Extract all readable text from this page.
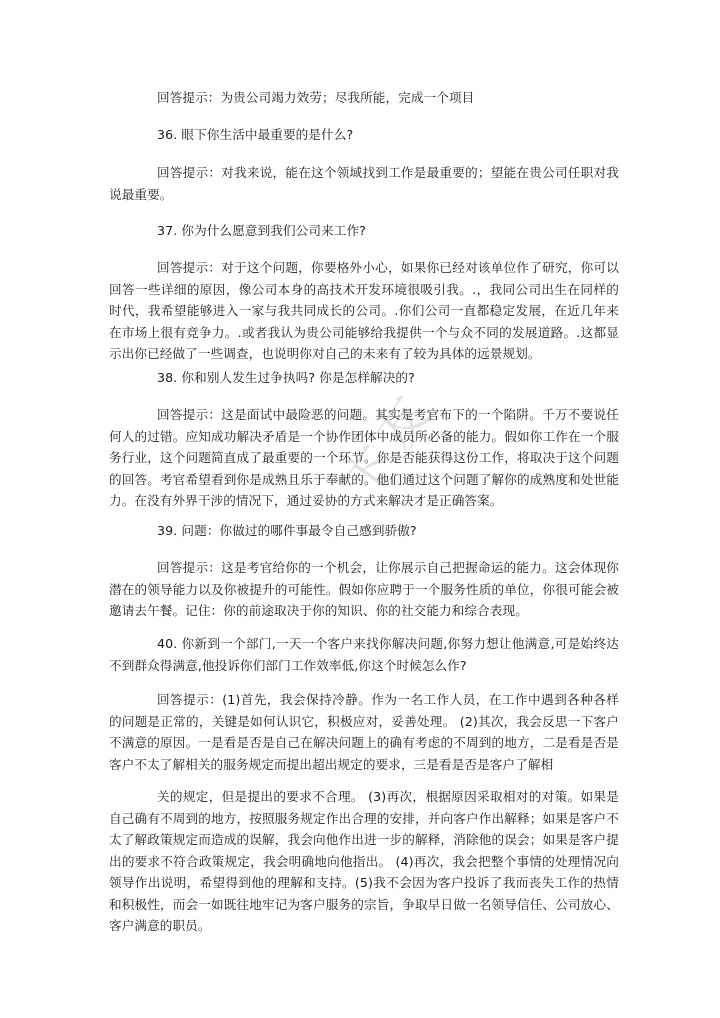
卞友

回答提示：为贵公司竭力效劳；尽我所能，完成一个项目

36. 眼下你生活中最重要的是什么?

回答提示：对我来说，能在这个领域找到工作是最重要的；望能在贵公司任职对我说最重要。

37. 你为什么愿意到我们公司来工作?

回答提示：对于这个问题，你要格外小心，如果你已经对该单位作了研究，你可以回答一些详细的原因，像公司本身的高技术开发环境很吸引我。.，我同公司出生在同样的时代，我希望能够进入一家与我共同成长的公司。.你们公司一直都稳定发展，在近几年来在市场上很有竞争力。.或者我认为贵公司能够给我提供一个与众不同的发展道路。.这都显示出你已经做了一些调查，也说明你对自己的未来有了较为具体的远景规划。

38. 你和别人发生过争执吗? 你是怎样解决的?

回答提示：这是面试中最险恶的问题。其实是考官布下的一个陷阱。千万不要说任何人的过错。应知成功解决矛盾是一个协作团体中成员所必备的能力。假如你工作在一个服务行业，这个问题简直成了最重要的一个环节。你是否能获得这份工作，将取决于这个问题的回答。考官希望看到你是成熟且乐于奉献的。他们通过这个问题了解你的成熟度和处世能力。在没有外界干涉的情况下，通过妥协的方式来解决才是正确答案。

39. 问题：你做过的哪件事最令自己感到骄傲?

回答提示：这是考官给你的一个机会，让你展示自己把握命运的能力。这会体现你潜在的领导能力以及你被提升的可能性。假如你应聘于一个服务性质的单位，你很可能会被邀请去午餐。记住：你的前途取决于你的知识、你的社交能力和综合表现。

40. 你新到一个部门,一天一个客户来找你解决问题,你努力想让他满意,可是始终达不到群众得满意,他投诉你们部门工作效率低,你这个时候怎么作?

回答提示：(1)首先，我会保持冷静。作为一名工作人员，在工作中遇到各种各样的问题是正常的，关键是如何认识它，积极应对，妥善处理。 (2)其次，我会反思一下客户不满意的原因。一是看是否是自己在解决问题上的确有考虑的不周到的地方，二是看是否是客户不太了解相关的服务规定而提出超出规定的要求，三是看是否是客户了解相

关的规定，但是提出的要求不合理。 (3)再次，根据原因采取相对的对策。如果是自己确有不周到的地方，按照服务规定作出合理的安排，并向客户作出解释；如果是客户不太了解政策规定而造成的误解，我会向他作出进一步的解释，消除他的误会；如果是客户提出的要求不符合政策规定，我会明确地向他指出。 (4)再次，我会把整个事情的处理情况向领导作出说明，希望得到他的理解和支持。(5)我不会因为客户投诉了我而丧失工作的热情和积极性，而会一如既往地牢记为客户服务的宗旨，争取早日做一名领导信任、公司放心、客户满意的职员。
